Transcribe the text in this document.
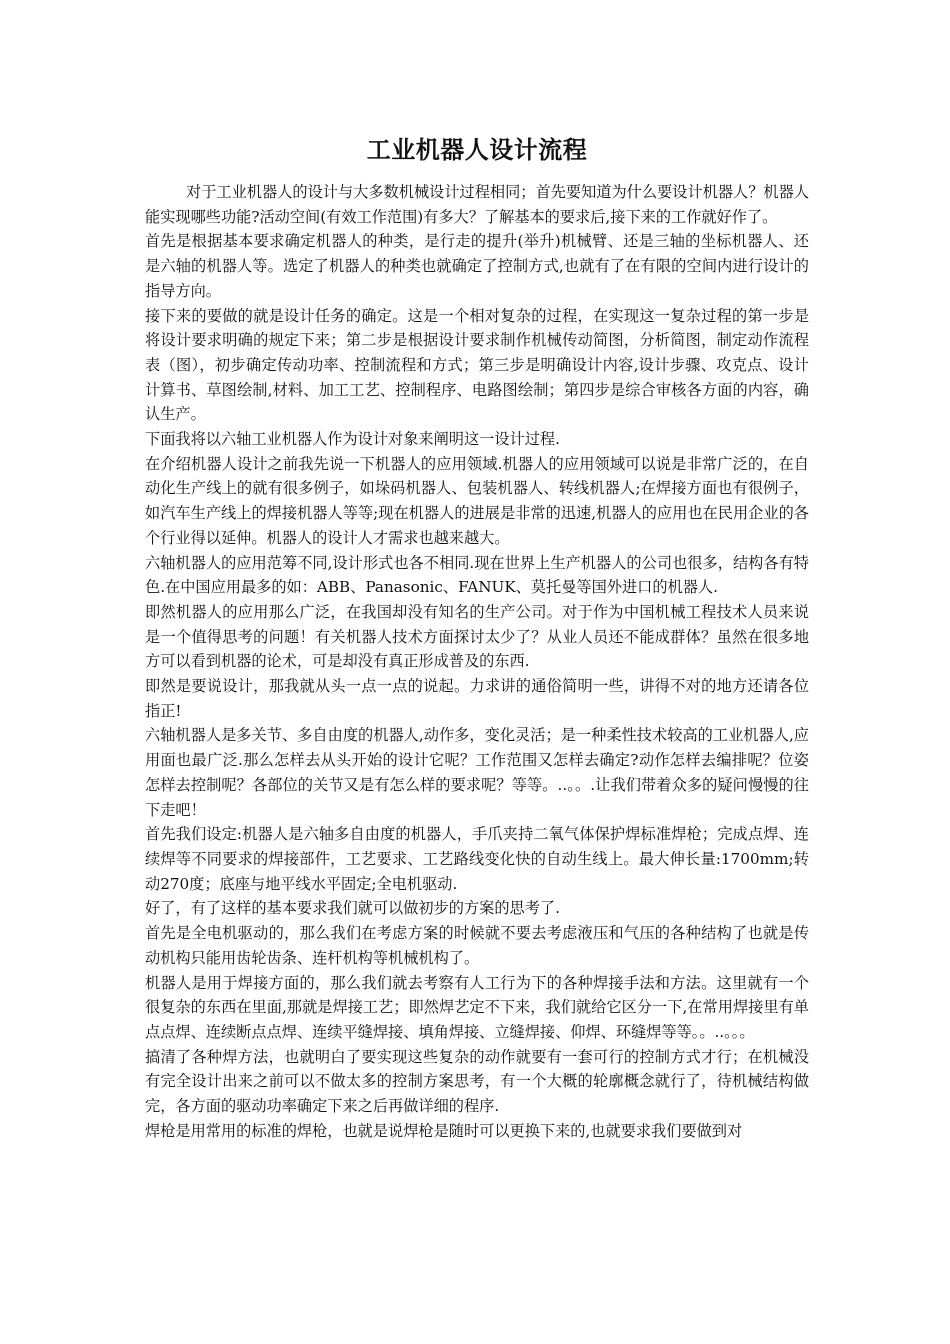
工业机器人设计流程

对于工业机器人的设计与大多数机械设计过程相同；首先要知道为什么要设计机器人？机器人能实现哪些功能?活动空间(有效工作范围)有多大？了解基本的要求后,接下来的工作就好作了。

首先是根据基本要求确定机器人的种类，是行走的提升(举升)机械臂、还是三轴的坐标机器人、还是六轴的机器人等。选定了机器人的种类也就确定了控制方式,也就有了在有限的空间内进行设计的指导方向。

接下来的要做的就是设计任务的确定。这是一个相对复杂的过程，在实现这一复杂过程的第一步是将设计要求明确的规定下来；第二步是根据设计要求制作机械传动简图，分析简图，制定动作流程表（图），初步确定传动功率、控制流程和方式；第三步是明确设计内容,设计步骤、攻克点、设计计算书、草图绘制,材料、加工工艺、控制程序、电路图绘制；第四步是综合审核各方面的内容，确认生产。

下面我将以六轴工业机器人作为设计对象来阐明这一设计过程.

在介绍机器人设计之前我先说一下机器人的应用领域.机器人的应用领域可以说是非常广泛的，在自动化生产线上的就有很多例子，如垛码机器人、包装机器人、转线机器人;在焊接方面也有很例子，如汽车生产线上的焊接机器人等等;现在机器人的进展是非常的迅速,机器人的应用也在民用企业的各个行业得以延伸。机器人的设计人才需求也越来越大。

六轴机器人的应用范筹不同,设计形式也各不相同.现在世界上生产机器人的公司也很多，结构各有特色.在中国应用最多的如：ABB、Panasonic、FANUK、莫托曼等国外进口的机器人.

即然机器人的应用那么广泛，在我国却没有知名的生产公司。对于作为中国机械工程技术人员来说是一个值得思考的问题！有关机器人技术方面探讨太少了？从业人员还不能成群体？虽然在很多地方可以看到机器的论术，可是却没有真正形成普及的东西.

即然是要说设计，那我就从头一点一点的说起。力求讲的通俗简明一些，讲得不对的地方还请各位指正!

六轴机器人是多关节、多自由度的机器人,动作多，变化灵活；是一种柔性技术较高的工业机器人,应用面也最广泛.那么怎样去从头开始的设计它呢？工作范围又怎样去确定?动作怎样去编排呢？位姿怎样去控制呢？各部位的关节又是有怎么样的要求呢？等等。..。。.让我们带着众多的疑问慢慢的往下走吧！

首先我们设定:机器人是六轴多自由度的机器人，手爪夹持二氧气体保护焊标准焊枪；完成点焊、连续焊等不同要求的焊接部件，工艺要求、工艺路线变化快的自动生线上。最大伸长量:1700mm;转动270度；底座与地平线水平固定;全电机驱动.

好了，有了这样的基本要求我们就可以做初步的方案的思考了.

首先是全电机驱动的，那么我们在考虑方案的时候就不要去考虑液压和气压的各种结构了也就是传动机构只能用齿轮齿条、连杆机构等机械机构了。

机器人是用于焊接方面的，那么我们就去考察有人工行为下的各种焊接手法和方法。这里就有一个很复杂的东西在里面,那就是焊接工艺；即然焊艺定不下来，我们就给它区分一下,在常用焊接里有单点点焊、连续断点点焊、连续平缝焊接、填角焊接、立缝焊接、仰焊、环缝焊等等。。..。。。

搞清了各种焊方法，也就明白了要实现这些复杂的动作就要有一套可行的控制方式才行；在机械没有完全设计出来之前可以不做太多的控制方案思考，有一个大概的轮廓概念就行了，待机械结构做完，各方面的驱动功率确定下来之后再做详细的程序.

焊枪是用常用的标准的焊枪，也就是说焊枪是随时可以更换下来的,也就要求我们要做到对
